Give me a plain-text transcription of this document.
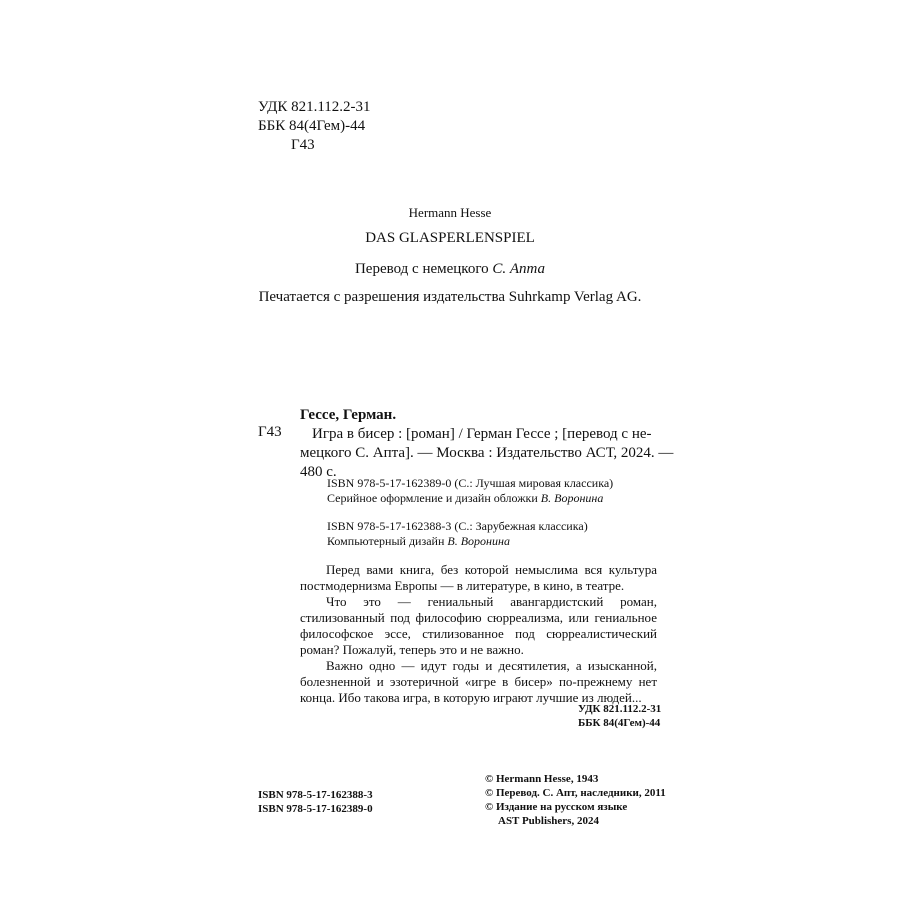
УДК 821.112.2-31
ББК 84(4Гем)-44
Г43
Hermann Hesse
DAS GLASPERLENSPIEL
Перевод с немецкого С. Апта
Печатается с разрешения издательства Suhrkamp Verlag AG.
Г43
Гессе, Герман.
Игра в бисер : [роман] / Герман Гессе ; [перевод с не-
мецкого С. Апта]. — Москва : Издательство АСТ, 2024. —
480 с.
ISBN 978-5-17-162389-0 (С.: Лучшая мировая классика)
Серийное оформление и дизайн обложки В. Воронина
ISBN 978-5-17-162388-3 (С.: Зарубежная классика)
Компьютерный дизайн В. Воронина

Перед вами книга, без которой немыслима вся культура постмодернизма Европы — в литературе, в кино, в театре.

Что это — гениальный авангардистский роман, стилизованный под философию сюрреализма, или гениальное философское эссе, стилизованное под сюрреалистический роман? Пожалуй, теперь это и не важно.

Важно одно — идут годы и десятилетия, а изысканной, болезненной и эзотеричной «игре в бисер» по-прежнему нет конца. Ибо такова игра, в которую играют лучшие из людей...

УДК 821.112.2-31
ББК 84(4Гем)-44
ISBN 978-5-17-162388-3
ISBN 978-5-17-162389-0
© Hermann Hesse, 1943
© Перевод. С. Апт, наследники, 2011
© Издание на русском языке
AST Publishers, 2024
